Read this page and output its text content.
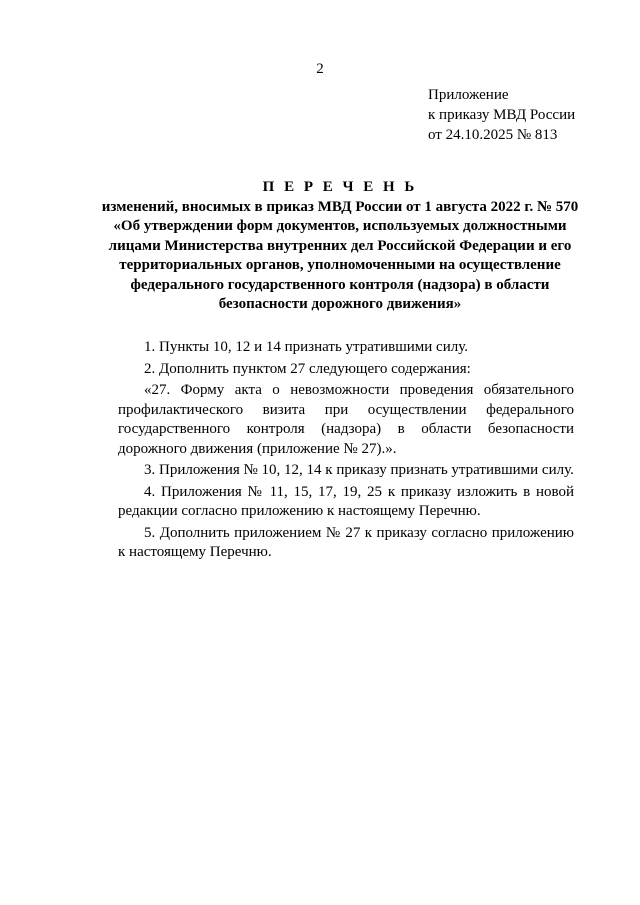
2
Приложение
к приказу МВД России
от 24.10.2025 № 813
П Е Р Е Ч Е Н Ь
изменений, вносимых в приказ МВД России от 1 августа 2022 г. № 570
«Об утверждении форм документов, используемых должностными
лицами Министерства внутренних дел Российской Федерации и его
территориальных органов, уполномоченными на осуществление
федерального государственного контроля (надзора) в области
безопасности дорожного движения»

1. Пункты 10, 12 и 14 признать утратившими силу.

2. Дополнить пунктом 27 следующего содержания:

«27. Форму акта о невозможности проведения обязательного профилактического визита при осуществлении федерального государственного контроля (надзора) в области безопасности дорожного движения (приложение № 27).».

3. Приложения № 10, 12, 14 к приказу признать утратившими силу.

4. Приложения № 11, 15, 17, 19, 25 к приказу изложить в новой редакции согласно приложению к настоящему Перечню.

5. Дополнить приложением № 27 к приказу согласно приложению к настоящему Перечню.
